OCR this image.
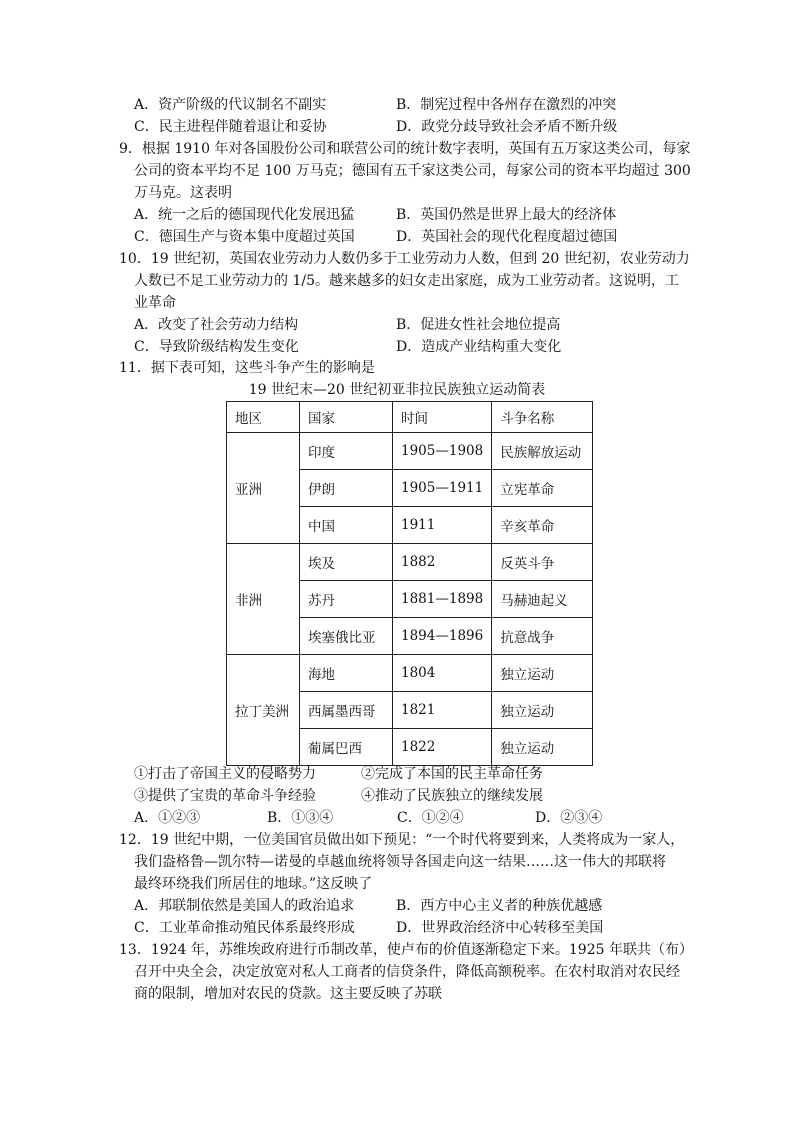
A．资产阶级的代议制名不副实	B．制宪过程中各州存在激烈的冲突
C．民主进程伴随着退让和妥协	D．政党分歧导致社会矛盾不断升级
9．根据 1910 年对各国股份公司和联营公司的统计数字表明，英国有五万家这类公司，每家
公司的资本平均不足 100 万马克；德国有五千家这类公司，每家公司的资本平均超过 300
万马克。这表明
A．统一之后的德国现代化发展迅猛	B．英国仍然是世界上最大的经济体
C．德国生产与资本集中度超过英国	D．英国社会的现代化程度超过德国
10．19 世纪初，英国农业劳动力人数仍多于工业劳动力人数，但到 20 世纪初，农业劳动力
人数已不足工业劳动力的 1/5。越来越多的妇女走出家庭，成为工业劳动者。这说明，工
业革命
A．改变了社会劳动力结构	B．促进女性社会地位提高
C．导致阶级结构发生变化	D．造成产业结构重大变化
11．据下表可知，这些斗争产生的影响是
19 世纪末—20 世纪初亚非拉民族独立运动简表
地区	国家	时间	斗争名称
亚洲	印度	1905—1908	民族解放运动
	伊朗	1905—1911	立宪革命
	中国	1911	辛亥革命
非洲	埃及	1882	反英斗争
	苏丹	1881—1898	马赫迪起义
	埃塞俄比亚	1894—1896	抗意战争
拉丁美洲	海地	1804	独立运动
	西属墨西哥	1821	独立运动
	葡属巴西	1822	独立运动
①打击了帝国主义的侵略势力	②完成了本国的民主革命任务
③提供了宝贵的革命斗争经验	④推动了民族独立的继续发展
A．①②③	B．①③④	C．①②④	D．②③④
12．19 世纪中期，一位美国官员做出如下预见：“一个时代将要到来，人类将成为一家人，
我们盎格鲁—凯尔特—诺曼的卓越血统将领导各国走向这一结果……这一伟大的邦联将
最终环绕我们所居住的地球。”这反映了
A．邦联制依然是美国人的政治追求	B．西方中心主义者的种族优越感
C．工业革命推动殖民体系最终形成	D．世界政治经济中心转移至美国
13．1924 年，苏维埃政府进行币制改革，使卢布的价值逐渐稳定下来。1925 年联共（布）
召开中央全会，决定放宽对私人工商者的信贷条件，降低高额税率。在农村取消对农民经
商的限制，增加对农民的贷款。这主要反映了苏联
